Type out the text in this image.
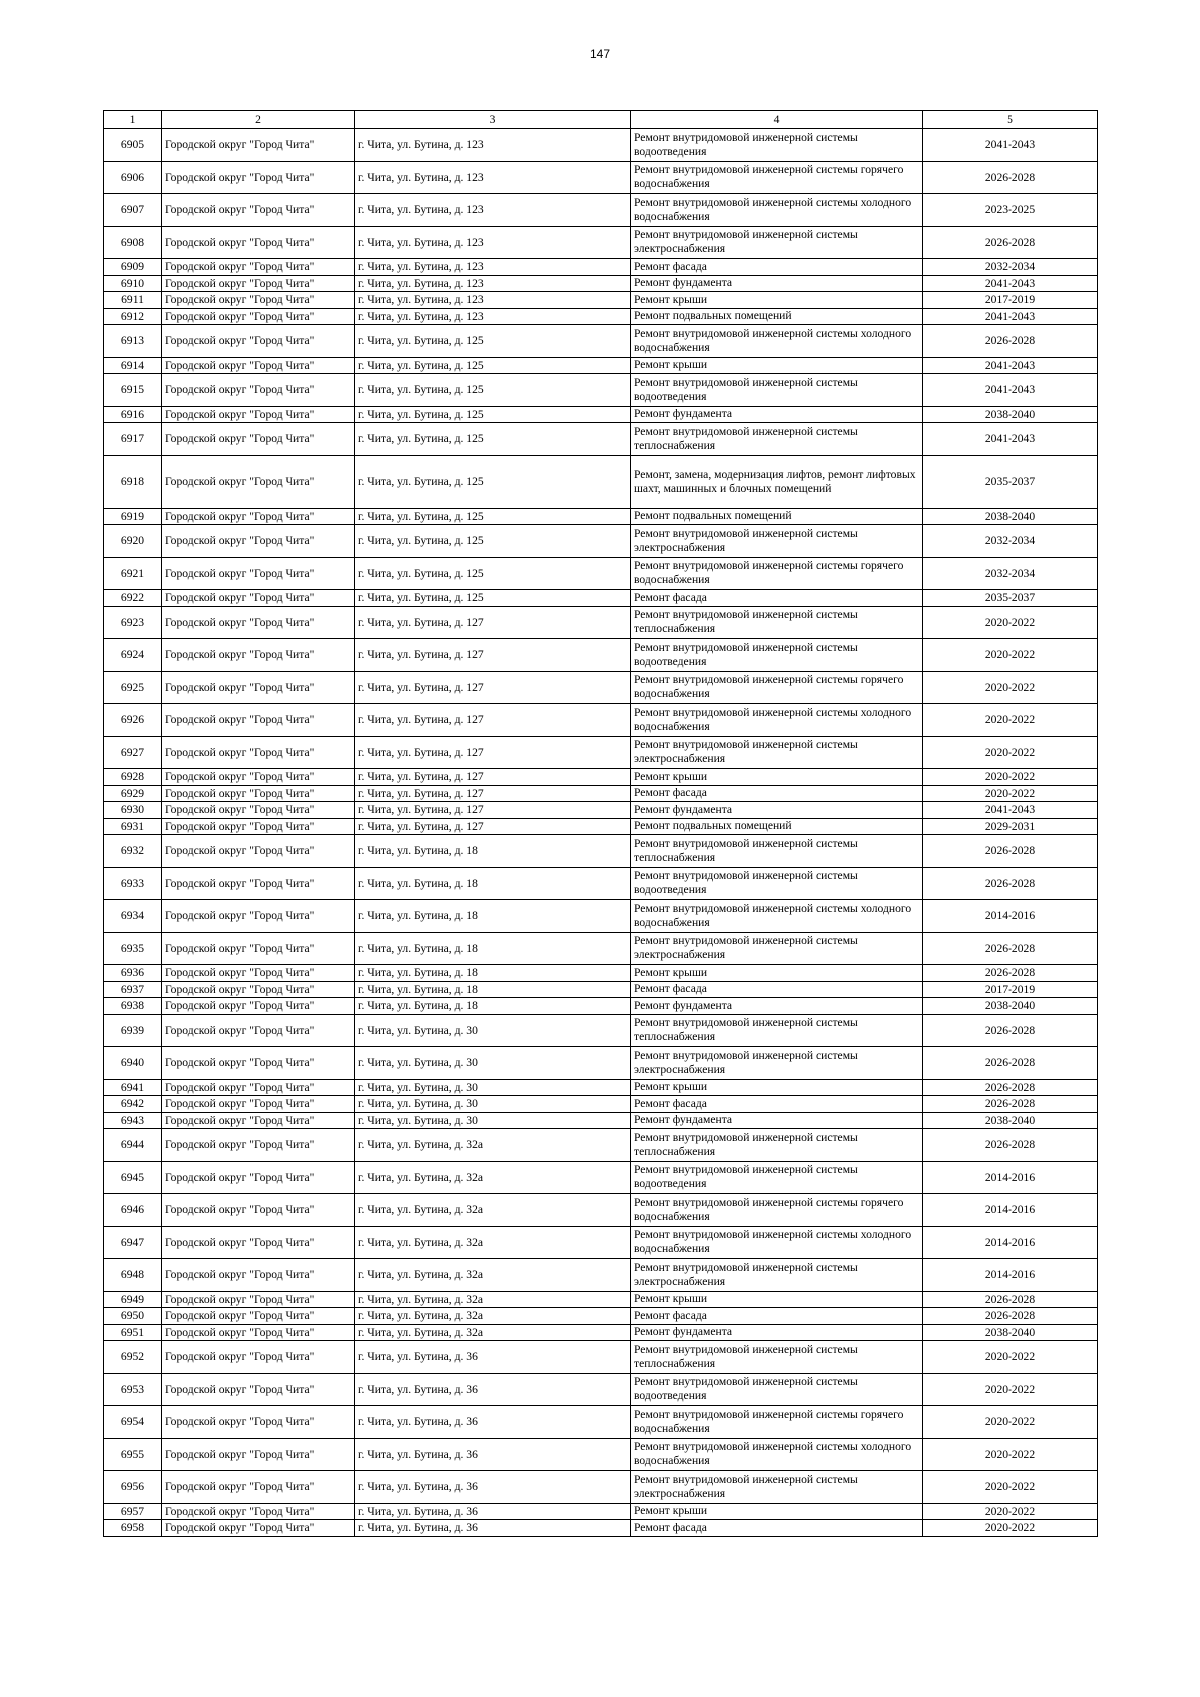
147
1	2	3	4	5
6905	Городской округ "Город Чита"	г. Чита, ул. Бутина, д. 123	Ремонт внутридомовой инженерной системы водоотведения	2041-2043
6906	Городской округ "Город Чита"	г. Чита, ул. Бутина, д. 123	Ремонт внутридомовой инженерной системы горячего водоснабжения	2026-2028
6907	Городской округ "Город Чита"	г. Чита, ул. Бутина, д. 123	Ремонт внутридомовой инженерной системы холодного водоснабжения	2023-2025
6908	Городской округ "Город Чита"	г. Чита, ул. Бутина, д. 123	Ремонт внутридомовой инженерной системы электроснабжения	2026-2028
6909	Городской округ "Город Чита"	г. Чита, ул. Бутина, д. 123	Ремонт фасада	2032-2034
6910	Городской округ "Город Чита"	г. Чита, ул. Бутина, д. 123	Ремонт фундамента	2041-2043
6911	Городской округ "Город Чита"	г. Чита, ул. Бутина, д. 123	Ремонт крыши	2017-2019
6912	Городской округ "Город Чита"	г. Чита, ул. Бутина, д. 123	Ремонт подвальных помещений	2041-2043
6913	Городской округ "Город Чита"	г. Чита, ул. Бутина, д. 125	Ремонт внутридомовой инженерной системы холодного водоснабжения	2026-2028
6914	Городской округ "Город Чита"	г. Чита, ул. Бутина, д. 125	Ремонт крыши	2041-2043
6915	Городской округ "Город Чита"	г. Чита, ул. Бутина, д. 125	Ремонт внутридомовой инженерной системы водоотведения	2041-2043
6916	Городской округ "Город Чита"	г. Чита, ул. Бутина, д. 125	Ремонт фундамента	2038-2040
6917	Городской округ "Город Чита"	г. Чита, ул. Бутина, д. 125	Ремонт внутридомовой инженерной системы теплоснабжения	2041-2043
6918	Городской округ "Город Чита"	г. Чита, ул. Бутина, д. 125	Ремонт, замена, модернизация лифтов, ремонт лифтовых шахт, машинных и блочных помещений	2035-2037
6919	Городской округ "Город Чита"	г. Чита, ул. Бутина, д. 125	Ремонт подвальных помещений	2038-2040
6920	Городской округ "Город Чита"	г. Чита, ул. Бутина, д. 125	Ремонт внутридомовой инженерной системы электроснабжения	2032-2034
6921	Городской округ "Город Чита"	г. Чита, ул. Бутина, д. 125	Ремонт внутридомовой инженерной системы горячего водоснабжения	2032-2034
6922	Городской округ "Город Чита"	г. Чита, ул. Бутина, д. 125	Ремонт фасада	2035-2037
6923	Городской округ "Город Чита"	г. Чита, ул. Бутина, д. 127	Ремонт внутридомовой инженерной системы теплоснабжения	2020-2022
6924	Городской округ "Город Чита"	г. Чита, ул. Бутина, д. 127	Ремонт внутридомовой инженерной системы водоотведения	2020-2022
6925	Городской округ "Город Чита"	г. Чита, ул. Бутина, д. 127	Ремонт внутридомовой инженерной системы горячего водоснабжения	2020-2022
6926	Городской округ "Город Чита"	г. Чита, ул. Бутина, д. 127	Ремонт внутридомовой инженерной системы холодного водоснабжения	2020-2022
6927	Городской округ "Город Чита"	г. Чита, ул. Бутина, д. 127	Ремонт внутридомовой инженерной системы электроснабжения	2020-2022
6928	Городской округ "Город Чита"	г. Чита, ул. Бутина, д. 127	Ремонт крыши	2020-2022
6929	Городской округ "Город Чита"	г. Чита, ул. Бутина, д. 127	Ремонт фасада	2020-2022
6930	Городской округ "Город Чита"	г. Чита, ул. Бутина, д. 127	Ремонт фундамента	2041-2043
6931	Городской округ "Город Чита"	г. Чита, ул. Бутина, д. 127	Ремонт подвальных помещений	2029-2031
6932	Городской округ "Город Чита"	г. Чита, ул. Бутина, д. 18	Ремонт внутридомовой инженерной системы теплоснабжения	2026-2028
6933	Городской округ "Город Чита"	г. Чита, ул. Бутина, д. 18	Ремонт внутридомовой инженерной системы водоотведения	2026-2028
6934	Городской округ "Город Чита"	г. Чита, ул. Бутина, д. 18	Ремонт внутридомовой инженерной системы холодного водоснабжения	2014-2016
6935	Городской округ "Город Чита"	г. Чита, ул. Бутина, д. 18	Ремонт внутридомовой инженерной системы электроснабжения	2026-2028
6936	Городской округ "Город Чита"	г. Чита, ул. Бутина, д. 18	Ремонт крыши	2026-2028
6937	Городской округ "Город Чита"	г. Чита, ул. Бутина, д. 18	Ремонт фасада	2017-2019
6938	Городской округ "Город Чита"	г. Чита, ул. Бутина, д. 18	Ремонт фундамента	2038-2040
6939	Городской округ "Город Чита"	г. Чита, ул. Бутина, д. 30	Ремонт внутридомовой инженерной системы теплоснабжения	2026-2028
6940	Городской округ "Город Чита"	г. Чита, ул. Бутина, д. 30	Ремонт внутридомовой инженерной системы электроснабжения	2026-2028
6941	Городской округ "Город Чита"	г. Чита, ул. Бутина, д. 30	Ремонт крыши	2026-2028
6942	Городской округ "Город Чита"	г. Чита, ул. Бутина, д. 30	Ремонт фасада	2026-2028
6943	Городской округ "Город Чита"	г. Чита, ул. Бутина, д. 30	Ремонт фундамента	2038-2040
6944	Городской округ "Город Чита"	г. Чита, ул. Бутина, д. 32а	Ремонт внутридомовой инженерной системы теплоснабжения	2026-2028
6945	Городской округ "Город Чита"	г. Чита, ул. Бутина, д. 32а	Ремонт внутридомовой инженерной системы водоотведения	2014-2016
6946	Городской округ "Город Чита"	г. Чита, ул. Бутина, д. 32а	Ремонт внутридомовой инженерной системы горячего водоснабжения	2014-2016
6947	Городской округ "Город Чита"	г. Чита, ул. Бутина, д. 32а	Ремонт внутридомовой инженерной системы холодного водоснабжения	2014-2016
6948	Городской округ "Город Чита"	г. Чита, ул. Бутина, д. 32а	Ремонт внутридомовой инженерной системы электроснабжения	2014-2016
6949	Городской округ "Город Чита"	г. Чита, ул. Бутина, д. 32а	Ремонт крыши	2026-2028
6950	Городской округ "Город Чита"	г. Чита, ул. Бутина, д. 32а	Ремонт фасада	2026-2028
6951	Городской округ "Город Чита"	г. Чита, ул. Бутина, д. 32а	Ремонт фундамента	2038-2040
6952	Городской округ "Город Чита"	г. Чита, ул. Бутина, д. 36	Ремонт внутридомовой инженерной системы теплоснабжения	2020-2022
6953	Городской округ "Город Чита"	г. Чита, ул. Бутина, д. 36	Ремонт внутридомовой инженерной системы водоотведения	2020-2022
6954	Городской округ "Город Чита"	г. Чита, ул. Бутина, д. 36	Ремонт внутридомовой инженерной системы горячего водоснабжения	2020-2022
6955	Городской округ "Город Чита"	г. Чита, ул. Бутина, д. 36	Ремонт внутридомовой инженерной системы холодного водоснабжения	2020-2022
6956	Городской округ "Город Чита"	г. Чита, ул. Бутина, д. 36	Ремонт внутридомовой инженерной системы электроснабжения	2020-2022
6957	Городской округ "Город Чита"	г. Чита, ул. Бутина, д. 36	Ремонт крыши	2020-2022
6958	Городской округ "Город Чита"	г. Чита, ул. Бутина, д. 36	Ремонт фасада	2020-2022
